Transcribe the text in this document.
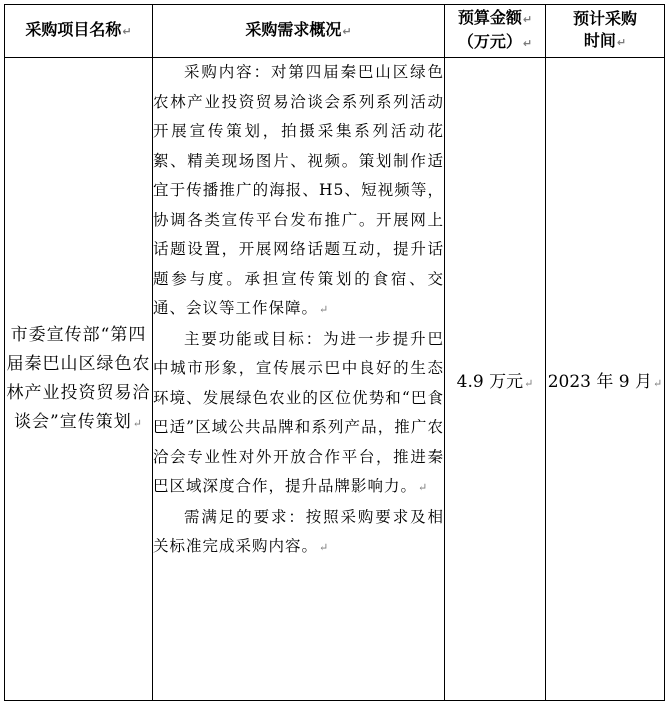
采购项目名称↵	采购需求概况↵	预算金额↵
（万元）↵	预计采购
时间↵
市委宣传部“第四届秦巴山区绿色农林产业投资贸易洽谈会”宣传策划↵	采购内容：对第四届秦巴山区绿色农林产业投资贸易洽谈会系列系列活动开展宣传策划，拍摄采集系列活动花絮、精美现场图片、视频。策划制作适宜于传播推广的海报、H5、短视频等，协调各类宣传平台发布推广。开展网上话题设置，开展网络话题互动，提升话题参与度。承担宣传策划的食宿、交通、会议等工作保障。↵

主要功能或目标：为进一步提升巴中城市形象，宣传展示巴中良好的生态环境、发展绿色农业的区位优势和“巴食巴适”区域公共品牌和系列产品，推广农洽会专业性对外开放合作平台，推进秦巴区域深度合作，提升品牌影响力。↵

需满足的要求：按照采购要求及相关标准完成采购内容。↵	4.9 万元↵	2023 年 9 月↵
